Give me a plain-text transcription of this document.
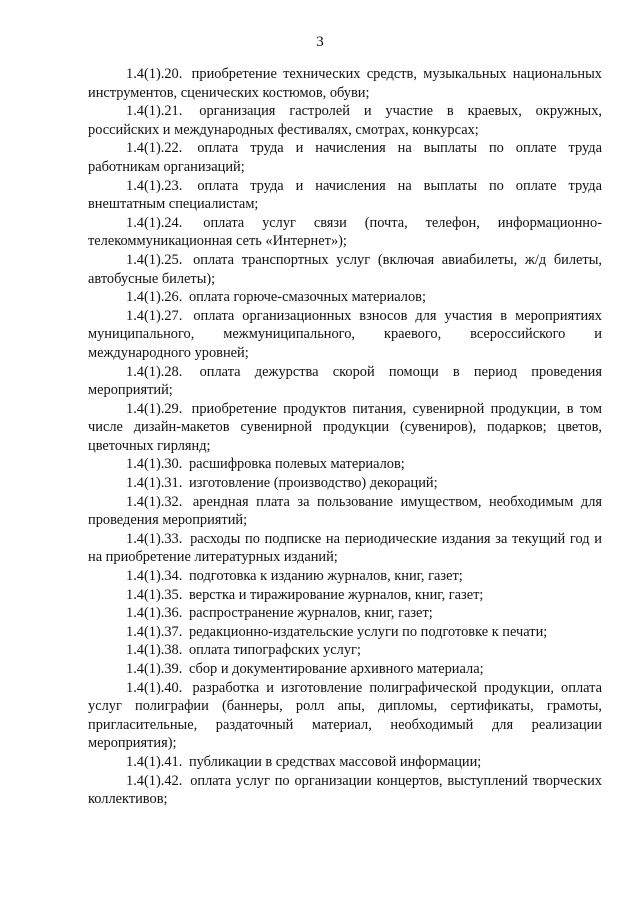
3

1.4(1).20. приобретение технических средств, музыкальных национальных инструментов, сценических костюмов, обуви;

1.4(1).21. организация гастролей и участие в краевых, окружных, российских и международных фестивалях, смотрах, конкурсах;

1.4(1).22. оплата труда и начисления на выплаты по оплате труда работникам организаций;

1.4(1).23. оплата труда и начисления на выплаты по оплате труда внештатным специалистам;

1.4(1).24. оплата услуг связи (почта, телефон, информационно-телекоммуникационная сеть «Интернет»);

1.4(1).25. оплата транспортных услуг (включая авиабилеты, ж/д билеты, автобусные билеты);

1.4(1).26. оплата горюче-смазочных материалов;

1.4(1).27. оплата организационных взносов для участия в мероприятиях муниципального, межмуниципального, краевого, всероссийского и международного уровней;

1.4(1).28. оплата дежурства скорой помощи в период проведения мероприятий;

1.4(1).29. приобретение продуктов питания, сувенирной продукции, в том числе дизайн-макетов сувенирной продукции (сувениров), подарков; цветов, цветочных гирлянд;

1.4(1).30. расшифровка полевых материалов;

1.4(1).31. изготовление (производство) декораций;

1.4(1).32. арендная плата за пользование имуществом, необходимым для проведения мероприятий;

1.4(1).33. расходы по подписке на периодические издания за текущий год и на приобретение литературных изданий;

1.4(1).34. подготовка к изданию журналов, книг, газет;

1.4(1).35. верстка и тиражирование журналов, книг, газет;

1.4(1).36. распространение журналов, книг, газет;

1.4(1).37. редакционно-издательские услуги по подготовке к печати;

1.4(1).38. оплата типографских услуг;

1.4(1).39. сбор и документирование архивного материала;

1.4(1).40. разработка и изготовление полиграфической продукции, оплата услуг полиграфии (баннеры, ролл апы, дипломы, сертификаты, грамоты, пригласительные, раздаточный материал, необходимый для реализации мероприятия);

1.4(1).41. публикации в средствах массовой информации;

1.4(1).42. оплата услуг по организации концертов, выступлений творческих коллективов;
